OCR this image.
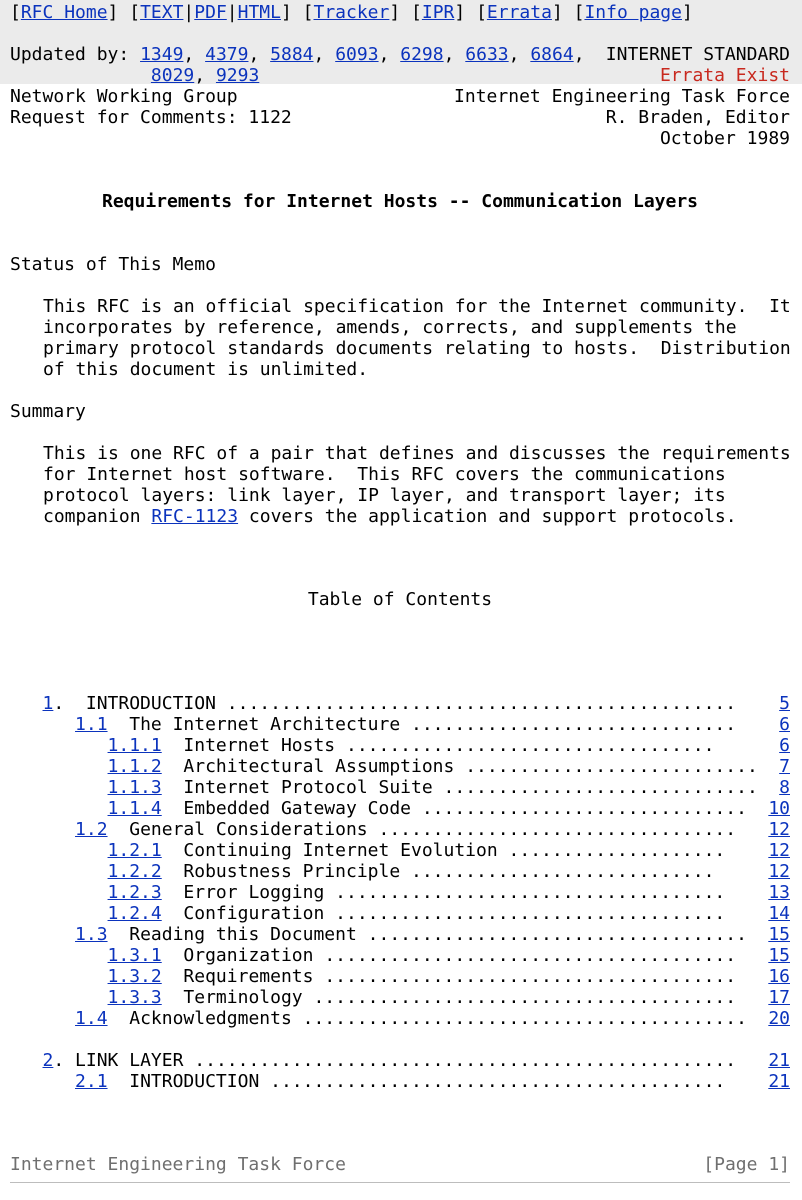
[RFC Home] [TEXT|PDF|HTML] [Tracker] [IPR] [Errata] [Info page]
Updated by: 1349, 4379, 5884, 6093, 6298, 6633, 6864, INTERNET STANDARD
8029, 9293	Errata Exist
Network Working Group	Internet Engineering Task Force
Request for Comments: 1122	R. Braden, Editor
October 1989
Requirements for Internet Hosts -- Communication Layers
Status of This Memo
This RFC is an official specification for the Internet community.  It
incorporates by reference, amends, corrects, and supplements the
primary protocol standards documents relating to hosts.  Distribution
of this document is unlimited.
Summary
This is one RFC of a pair that defines and discusses the requirements
for Internet host software.  This RFC covers the communications
protocol layers: link layer, IP layer, and transport layer; its
companion RFC-1123 covers the application and support protocols.
Table of Contents
1.  INTRODUCTION ............................................... 5
1.1 The Internet Architecture .............................. 6
1.1.1 Internet Hosts ..................................	6
1.1.2 Architectural Assumptions ........................... 7
1.1.3 Internet Protocol Suite ............................. 8
1.1.4 Embedded Gateway Code .............................. 10
1.2 General Considerations ................................. 12
1.2.1 Continuing Internet Evolution .................... 12
1.2.2 Robustness Principle ............................	12
1.2.3 Error Logging .................................... 13
1.2.4 Configuration .................................... 14
1.3 Reading this Document ................................... 15
1.3.1 Organization ...................................... 15
1.3.2 Requirements ...................................... 16
1.3.3 Terminology ....................................... 17
1.4 Acknowledgments ......................................... 20
2. LINK LAYER .................................................. 21
2.1 INTRODUCTION .......................................... 21
Internet Engineering Task Force	[Page 1]
